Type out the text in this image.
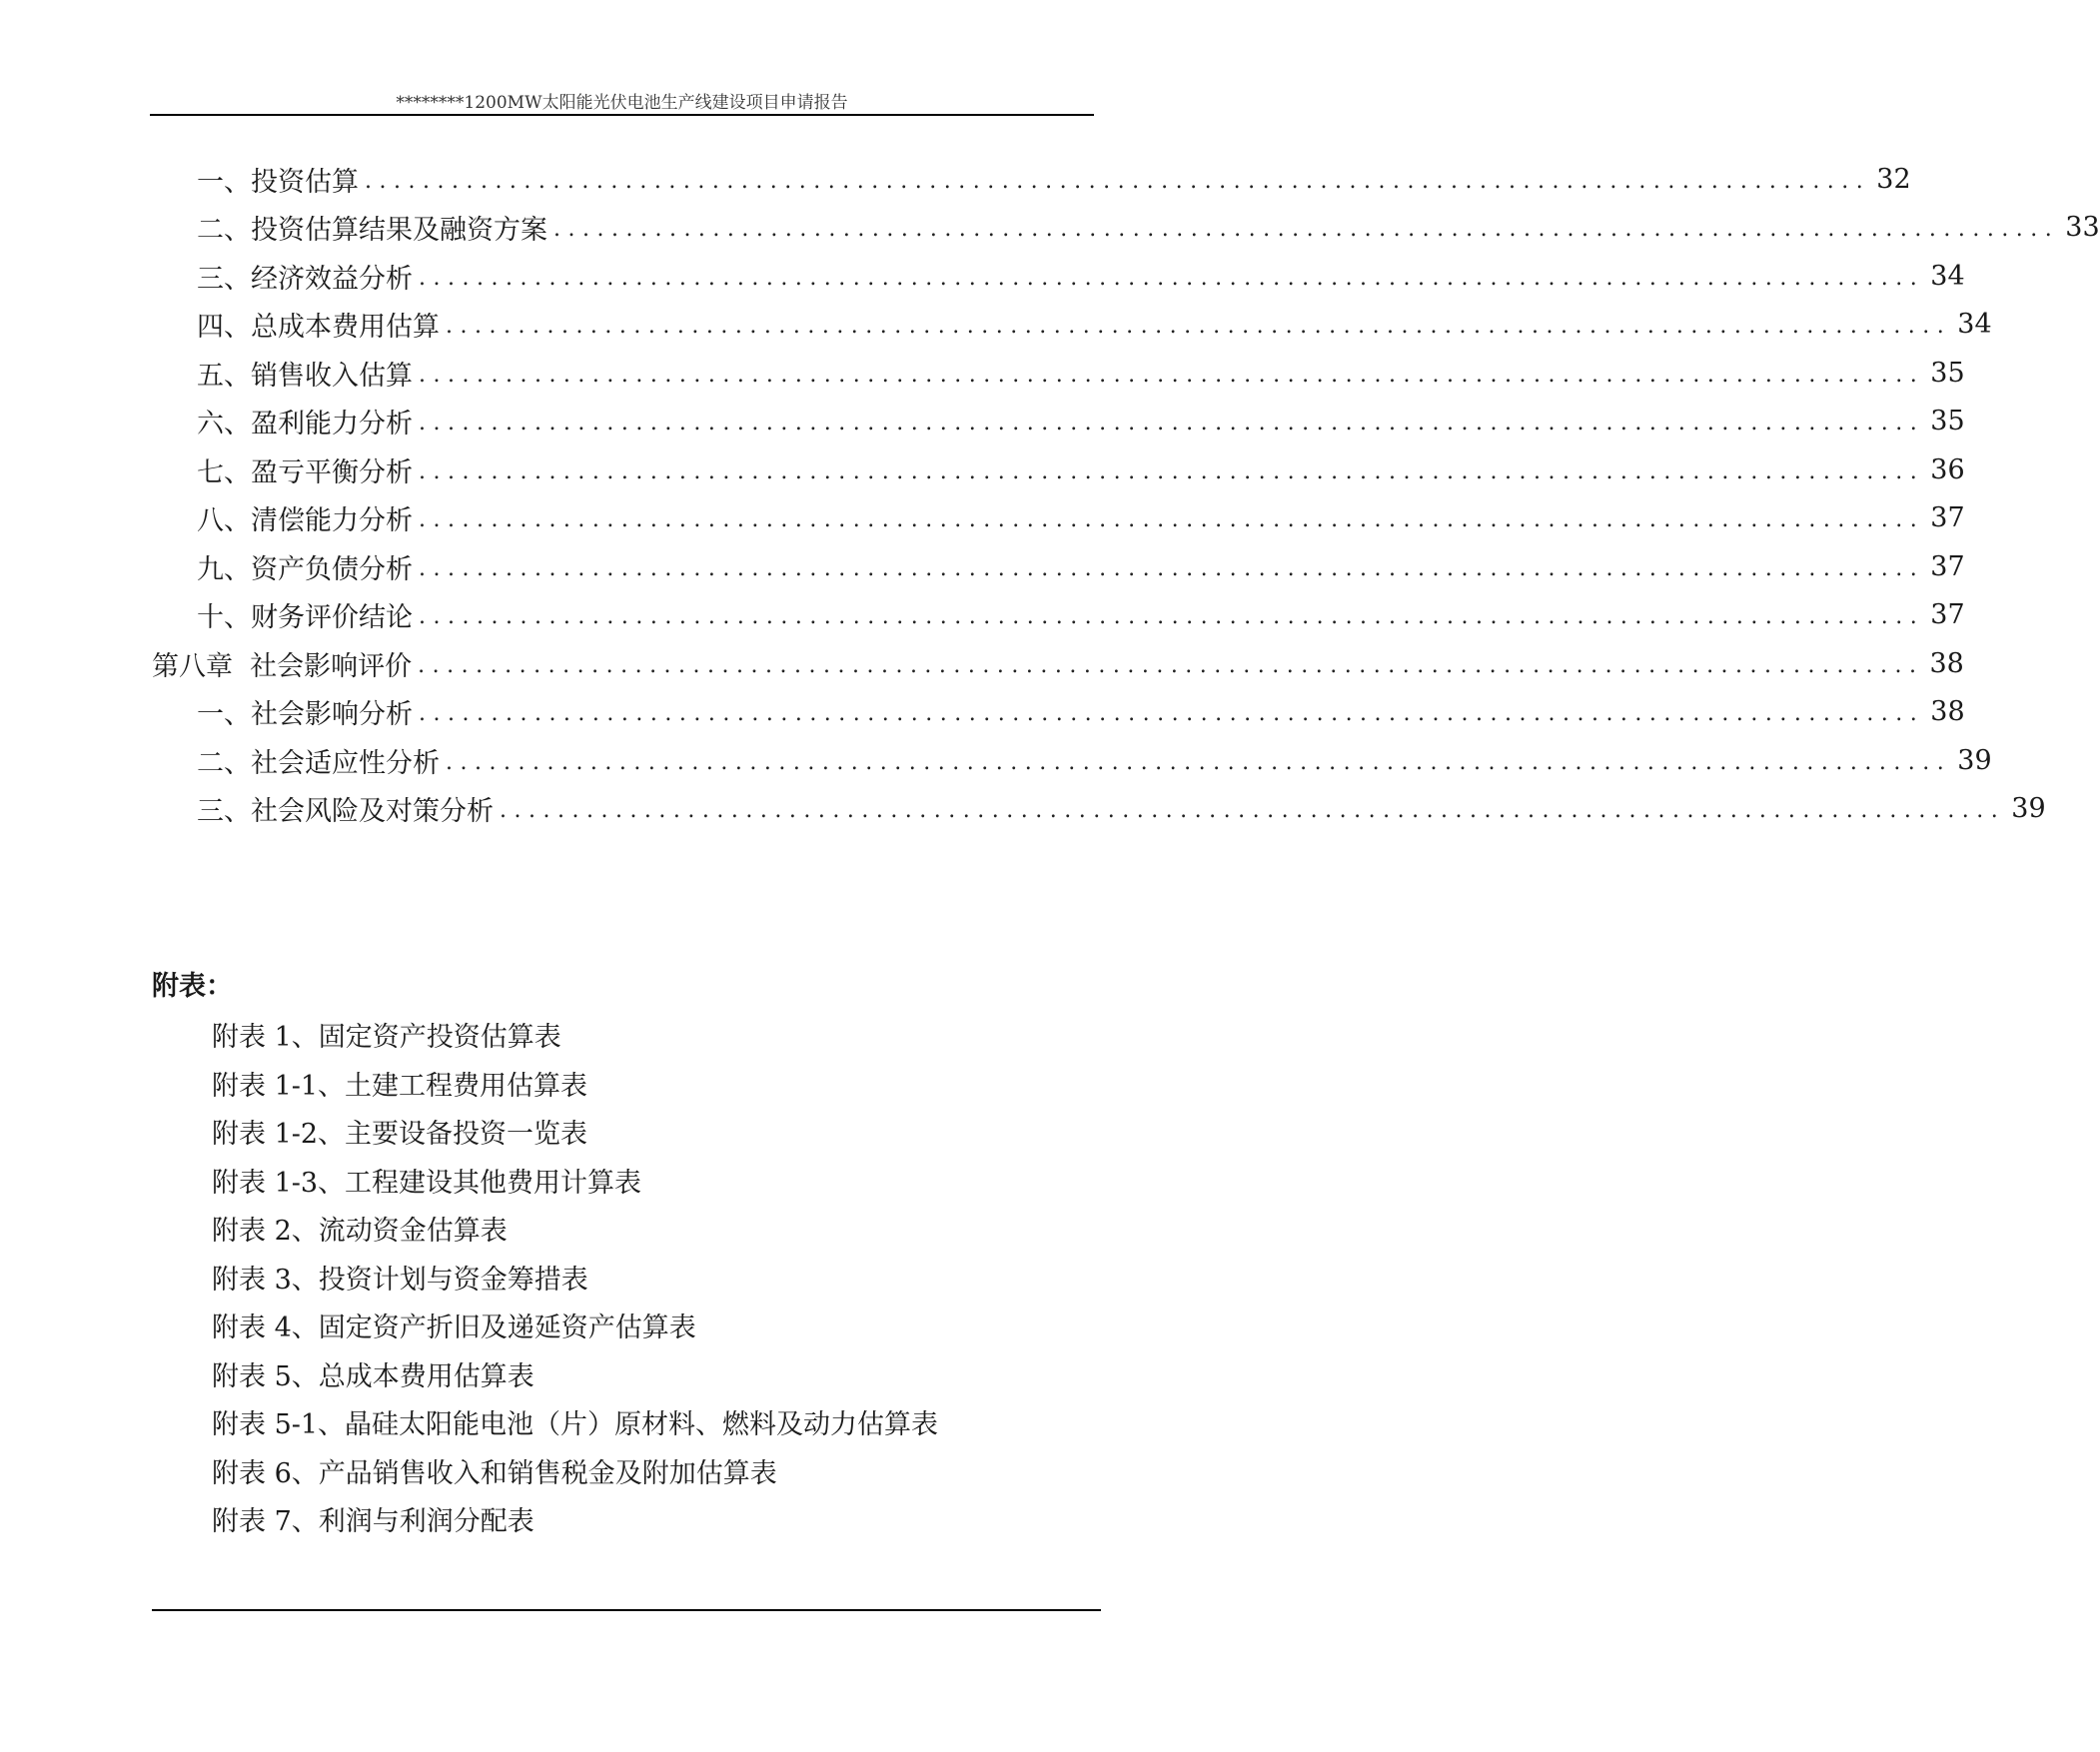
********1200MW太阳能光伏电池生产线建设项目申请报告
一、投资估算 ........................................................................................................ 32
二、投资估算结果及融资方案 ........................................................................................................ 33
三、经济效益分析 ........................................................................................................ 34
四、总成本费用估算 ........................................................................................................ 34
五、销售收入估算 ........................................................................................................ 35
六、盈利能力分析 ........................................................................................................ 35
七、盈亏平衡分析 ........................................................................................................ 36
八、清偿能力分析 ........................................................................................................ 37
九、资产负债分析 ........................................................................................................ 37
十、财务评价结论 ........................................................................................................ 37
第八章  社会影响评价 ........................................................................................................ 38
一、社会影响分析 ........................................................................................................ 38
二、社会适应性分析 ........................................................................................................ 39
三、社会风险及对策分析 ........................................................................................................ 39
附表：
附表 1、固定资产投资估算表
附表 1-1、土建工程费用估算表
附表 1-2、主要设备投资一览表
附表 1-3、工程建设其他费用计算表
附表 2、流动资金估算表
附表 3、投资计划与资金筹措表
附表 4、固定资产折旧及递延资产估算表
附表 5、总成本费用估算表
附表 5-1、晶硅太阳能电池（片）原材料、燃料及动力估算表
附表 6、产品销售收入和销售税金及附加估算表
附表 7、利润与利润分配表
